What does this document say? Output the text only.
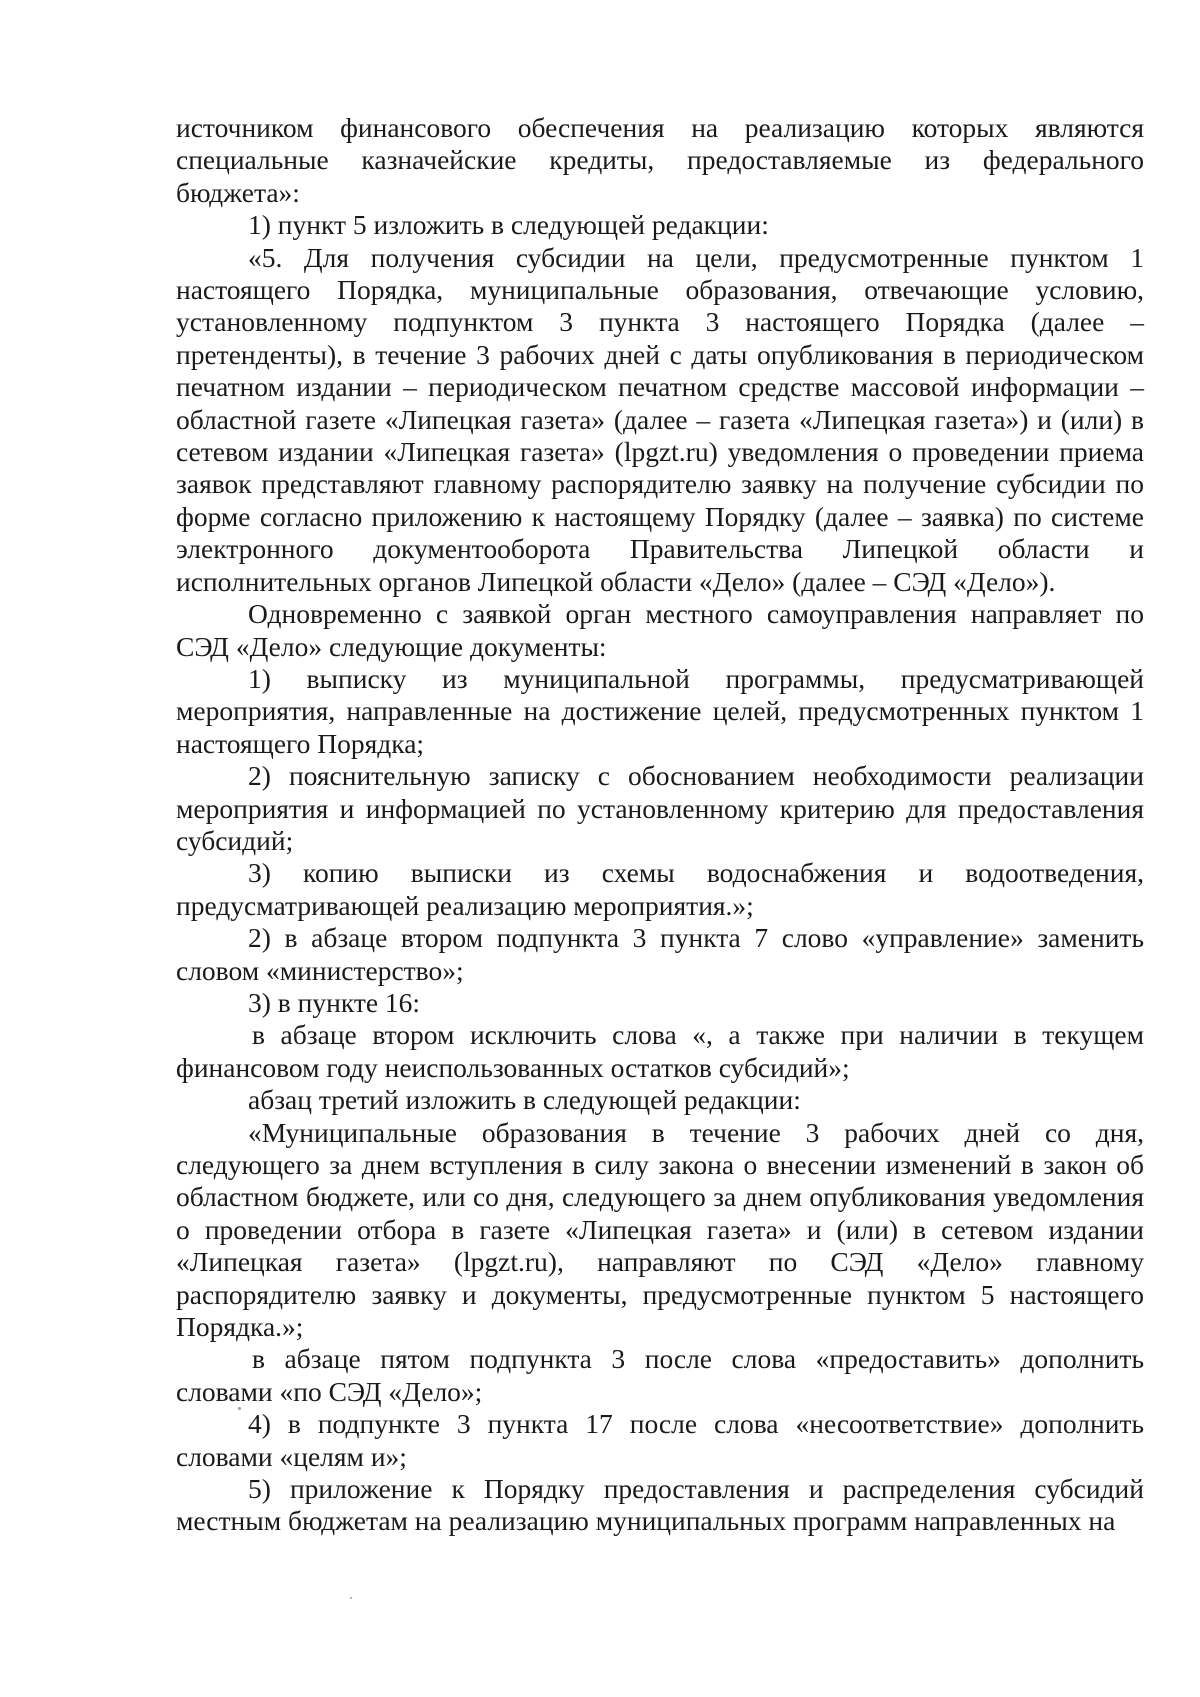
источником финансового обеспечения на реализацию которых являются специальные казначейские кредиты, предоставляемые из федерального бюджета»:

1) пункт 5 изложить в следующей редакции:

«5. Для получения субсидии на цели, предусмотренные пунктом 1 настоящего Порядка, муниципальные образования, отвечающие условию, установленному подпунктом 3 пункта 3 настоящего Порядка (далее – претенденты), в течение 3 рабочих дней с даты опубликования в периодическом печатном издании – периодическом печатном средстве массовой информации – областной газете «Липецкая газета» (далее – газета «Липецкая газета») и (или) в сетевом издании «Липецкая газета» (lpgzt.ru) уведомления о проведении приема заявок представляют главному распорядителю заявку на получение субсидии по форме согласно приложению к настоящему Порядку (далее – заявка) по системе электронного документооборота Правительства Липецкой области и исполнительных органов Липецкой области «Дело» (далее – СЭД «Дело»).

Одновременно с заявкой орган местного самоуправления направляет по СЭД «Дело» следующие документы:

1) выписку из муниципальной программы, предусматривающей мероприятия, направленные на достижение целей, предусмотренных пунктом 1 настоящего Порядка;

2) пояснительную записку с обоснованием необходимости реализации мероприятия и информацией по установленному критерию для предоставления субсидий;

3) копию выписки из схемы водоснабжения и водоотведения, предусматривающей реализацию мероприятия.»;

2) в абзаце втором подпункта 3 пункта 7 слово «управление» заменить словом «министерство»;

3) в пункте 16:

в абзаце втором исключить слова «, а также при наличии в текущем финансовом году неиспользованных остатков субсидий»;

абзац третий изложить в следующей редакции:

«Муниципальные образования в течение 3 рабочих дней со дня, следующего за днем вступления в силу закона о внесении изменений в закон об областном бюджете, или со дня, следующего за днем опубликования уведомления о проведении отбора в газете «Липецкая газета» и (или) в сетевом издании «Липецкая газета» (lpgzt.ru), направляют по СЭД «Дело» главному распорядителю заявку и документы, предусмотренные пунктом 5 настоящего Порядка.»;

в абзаце пятом подпункта 3 после слова «предоставить» дополнить словами «по СЭД «Дело»;

4) в подпункте 3 пункта 17 после слова «несоответствие» дополнить словами «целям и»;

5) приложение к Порядку предоставления и распределения субсидий местным бюджетам на реализацию муниципальных программ направленных на
